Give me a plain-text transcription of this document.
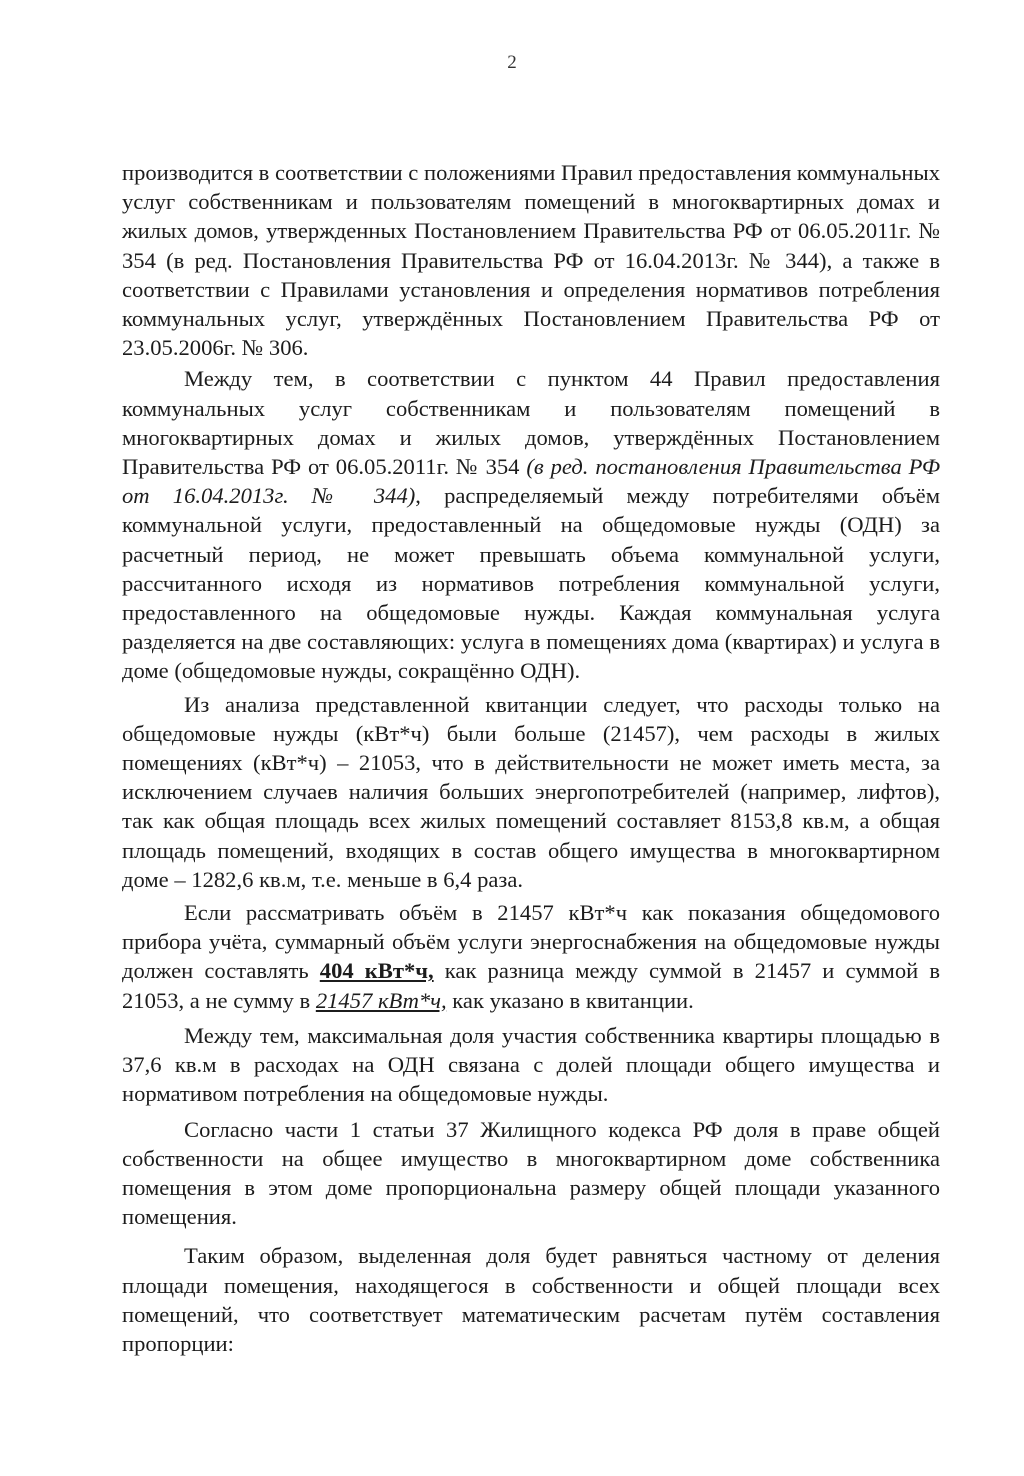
2

производится в соответствии с положениями Правил предоставления коммунальных услуг собственникам и пользователям помещений в многоквартирных домах и жилых домов, утвержденных Постановлением Правительства РФ от 06.05.2011г. № 354 (в ред. Постановления Правительства РФ от 16.04.2013г. № 344), а также в соответствии с Правилами установления и определения нормативов потребления коммунальных услуг, утверждённых Постановлением Правительства РФ от 23.05.2006г. № 306.

Между тем, в соответствии с пунктом 44 Правил предоставления коммунальных услуг собственникам и пользователям помещений в многоквартирных домах и жилых домов, утверждённых Постановлением Правительства РФ от 06.05.2011г. № 354 (в ред. постановления Правительства РФ от 16.04.2013г. № 344), распределяемый между потребителями объём коммунальной услуги, предоставленный на общедомовые нужды (ОДН) за расчетный период, не может превышать объема коммунальной услуги, рассчитанного исходя из нормативов потребления коммунальной услуги, предоставленного на общедомовые нужды. Каждая коммунальная услуга разделяется на две составляющих: услуга в помещениях дома (квартирах) и услуга в доме (общедомовые нужды, сокращённо ОДН).

Из анализа представленной квитанции следует, что расходы только на общедомовые нужды (кВт*ч) были больше (21457), чем расходы в жилых помещениях (кВт*ч) – 21053, что в действительности не может иметь места, за исключением случаев наличия больших энергопотребителей (например, лифтов), так как общая площадь всех жилых помещений составляет 8153,8 кв.м, а общая площадь помещений, входящих в состав общего имущества в многоквартирном доме – 1282,6 кв.м, т.е. меньше в 6,4 раза.

Если рассматривать объём в 21457 кВт*ч как показания общедомового прибора учёта, суммарный объём услуги энергоснабжения на общедомовые нужды должен составлять 404 кВт*ч, как разница между суммой в 21457 и суммой в 21053, а не сумму в 21457 кВт*ч, как указано в квитанции.

Между тем, максимальная доля участия собственника квартиры площадью в 37,6 кв.м в расходах на ОДН связана с долей площади общего имущества и нормативом потребления на общедомовые нужды.

Согласно части 1 статьи 37 Жилищного кодекса РФ доля в праве общей собственности на общее имущество в многоквартирном доме собственника помещения в этом доме пропорциональна размеру общей площади указанного помещения.

Таким образом, выделенная доля будет равняться частному от деления площади помещения, находящегося в собственности и общей площади всех помещений, что соответствует математическим расчетам путём составления пропорции:
